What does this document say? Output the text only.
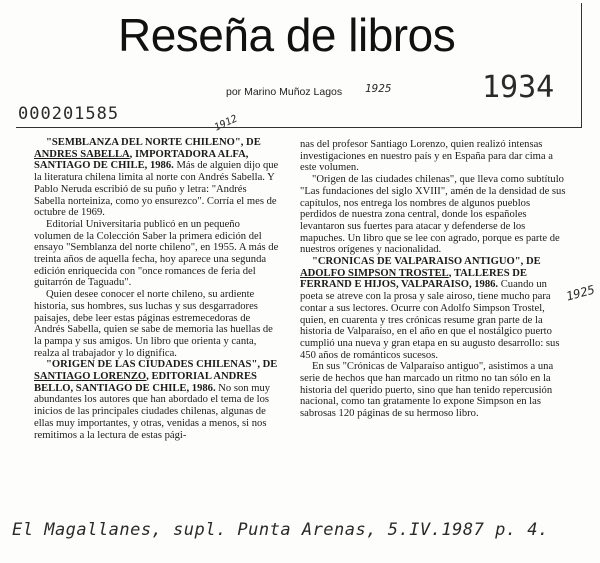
Reseña de libros
por Marino Muñoz Lagos
0002015​85
1925	1934
1912
1925

"SEMBLANZA DEL NORTE CHILENO", DE ANDRES SABELLA, IMPORTADORA ALFA, SANTIAGO DE CHILE, 1986. Más de alguien dijo que la literatura chilena limita al norte con Andrés Sabella. Y Pablo Neruda escribió de su puño y letra: "Andrés Sabella norteiniza, como yo ensurezco". Corría el mes de octubre de 1969.

Editorial Universitaria publicó en un pequeño volumen de la Colección Saber la primera edición del ensayo "Semblanza del norte chileno", en 1955. A más de treinta años de aquella fecha, hoy aparece una segunda edición enriquecida con "once romances de feria del guitarrón de Taguadu".

Quien desee conocer el norte chileno, su ardiente historia, sus hombres, sus luchas y sus desgarradores paisajes, debe leer estas páginas estremecedoras de Andrés Sabella, quien se sabe de memoria las huellas de la pampa y sus amigos. Un libro que orienta y canta, realza al trabajador y lo dignifica.

"ORIGEN DE LAS CIUDADES CHILENAS", DE SANTIAGO LORENZO, EDITORIAL ANDRES BELLO, SANTIAGO DE CHILE, 1986. No son muy abundantes los autores que han abordado el tema de los inicios de las principales ciudades chilenas, algunas de ellas muy importantes, y otras, venidas a menos, si nos remitimos a la lectura de estas pági-

nas del profesor Santiago Lorenzo, quien realizó intensas investigaciones en nuestro país y en España para dar cima a este volumen.

"Origen de las ciudades chilenas", que lleva como subtítulo "Las fundaciones del siglo XVIII", amén de la densidad de sus capítulos, nos entrega los nombres de algunos pueblos perdidos de nuestra zona central, donde los españoles levantaron sus fuertes para atacar y defenderse de los mapuches. Un libro que se lee con agrado, porque es parte de nuestros orígenes y nacionalidad.

"CRONICAS DE VALPARAISO ANTIGUO", DE ADOLFO SIMPSON TROSTEL, TALLERES DE FERRAND E HIJOS, VALPARAISO, 1986. Cuando un poeta se atreve con la prosa y sale airoso, tiene mucho para contar a sus lectores. Ocurre con Adolfo Simpson Trostel, quien, en cuarenta y tres crónicas resume gran parte de la historia de Valparaíso, en el año en que el nostálgico puerto cumplió una nueva y gran etapa en su augusto desarrollo: sus 450 años de románticos sucesos.

En sus "Crónicas de Valparaíso antiguo", asistimos a una serie de hechos que han marcado un ritmo no tan sólo en la historia del querido puerto, sino que han tenido repercusión nacional, como tan gratamente lo expone Simpson en las sabrosas 120 páginas de su hermoso libro.

El Magallanes, supl. Punta Arenas, 5.IV.1987 p. 4.
